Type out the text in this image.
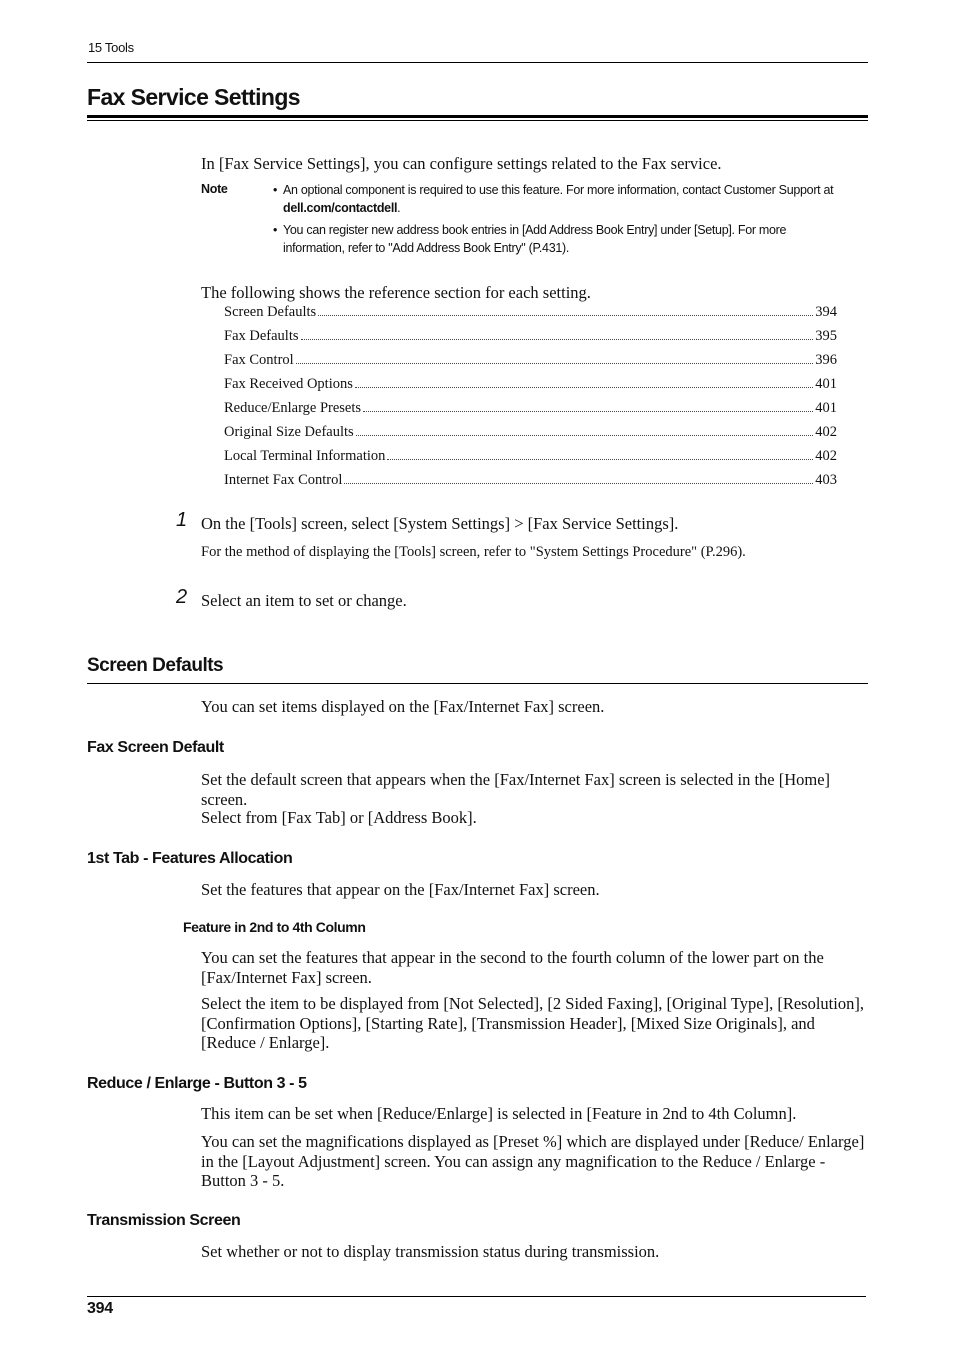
15 Tools
Fax Service Settings
In [Fax Service Settings], you can configure settings related to the Fax service.
Note	• An optional component is required to use this feature. For more information, contact Customer Support at dell.com/contactdell.
• You can register new address book entries in [Add Address Book Entry] under [Setup]. For more information, refer to "Add Address Book Entry" (P.431).
The following shows the reference section for each setting.
Screen Defaults	394
Fax Defaults	395
Fax Control	396
Fax Received Options	401
Reduce/Enlarge Presets	401
Original Size Defaults	402
Local Terminal Information	402
Internet Fax Control	403
1 On the [Tools] screen, select [System Settings] > [Fax Service Settings].
For the method of displaying the [Tools] screen, refer to "System Settings Procedure" (P.296).
2 Select an item to set or change.
Screen Defaults
You can set items displayed on the [Fax/Internet Fax] screen.
Fax Screen Default
Set the default screen that appears when the [Fax/Internet Fax] screen is selected in the [Home] screen.
Select from [Fax Tab] or [Address Book].
1st Tab - Features Allocation
Set the features that appear on the [Fax/Internet Fax] screen.
Feature in 2nd to 4th Column
You can set the features that appear in the second to the fourth column of the lower part on the [Fax/Internet Fax] screen.
Select the item to be displayed from [Not Selected], [2 Sided Faxing], [Original Type], [Resolution], [Confirmation Options], [Starting Rate], [Transmission Header], [Mixed Size Originals], and [Reduce / Enlarge].
Reduce / Enlarge - Button 3 - 5
This item can be set when [Reduce/Enlarge] is selected in [Feature in 2nd to 4th Column].
You can set the magnifications displayed as [Preset %] which are displayed under [Reduce/ Enlarge] in the [Layout Adjustment] screen. You can assign any magnification to the Reduce / Enlarge - Button 3 - 5.
Transmission Screen
Set whether or not to display transmission status during transmission.
394
